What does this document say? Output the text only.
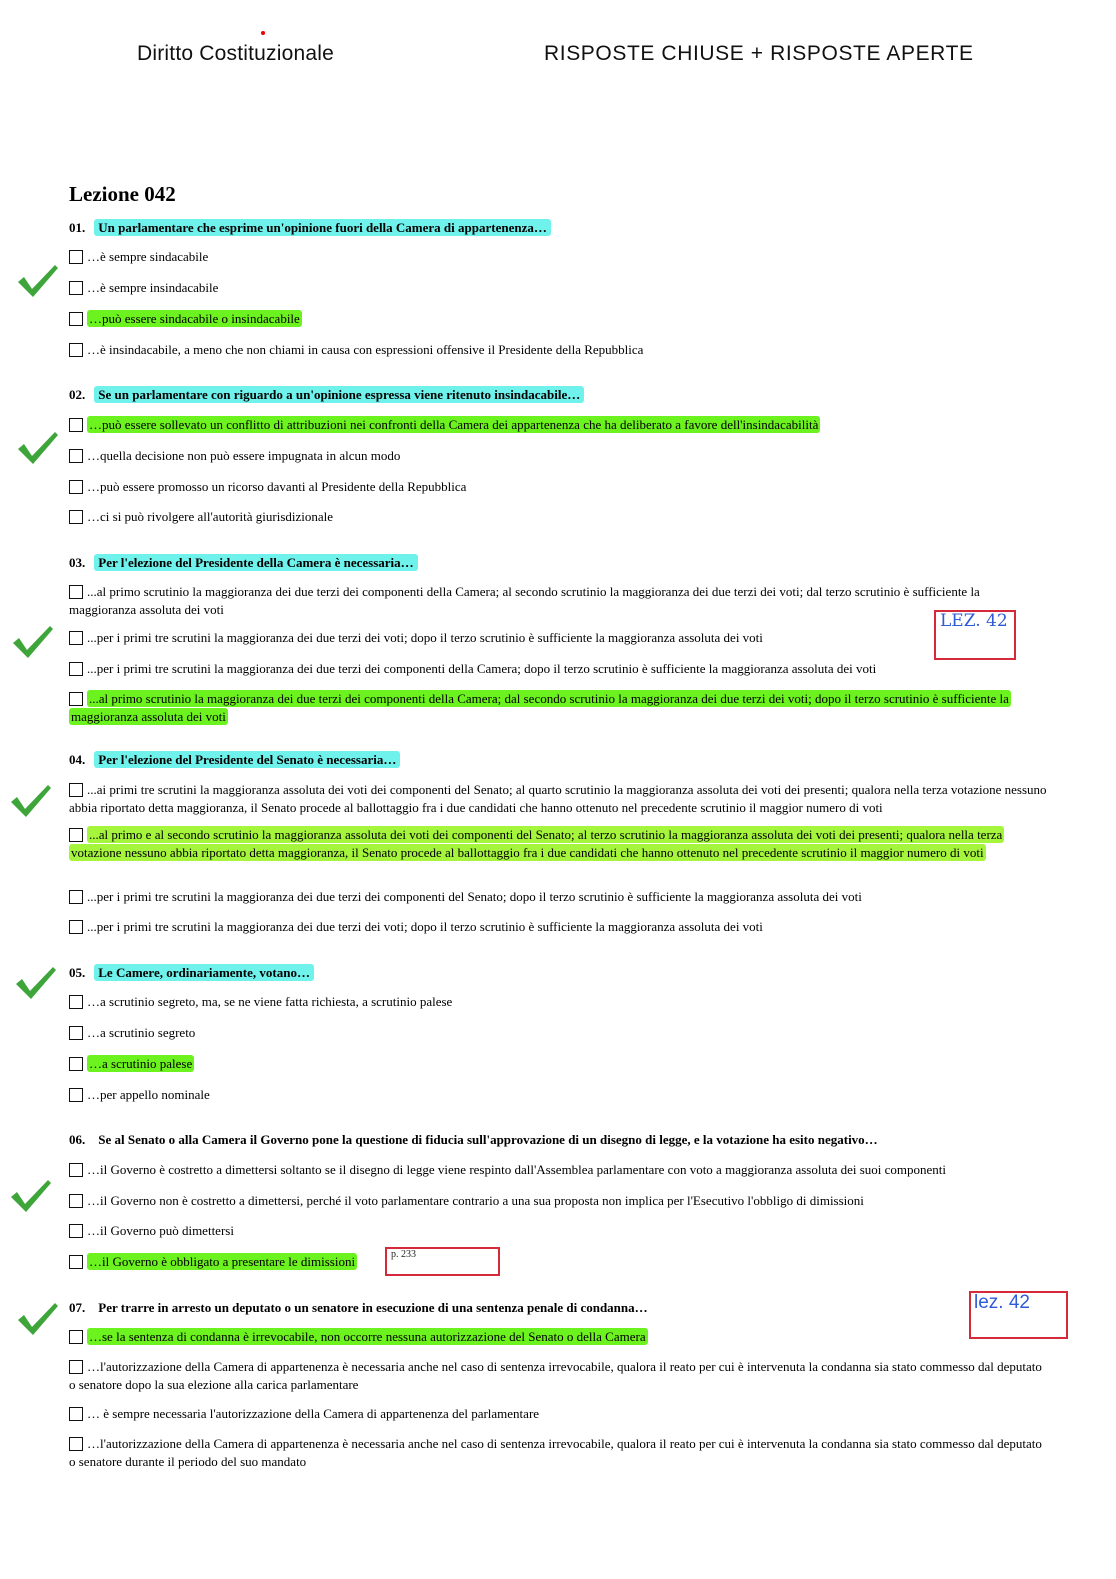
Diritto Costituzionale	RISPOSTE CHIUSE + RISPOSTE APERTE
Lezione 042
01. Un parlamentare che esprime un'opinione fuori della Camera di appartenenza…
…è sempre sindacabile
…è sempre insindacabile
…può essere sindacabile o insindacabile
…è insindacabile, a meno che non chiami in causa con espressioni offensive il Presidente della Repubblica
02. Se un parlamentare con riguardo a un'opinione espressa viene ritenuto insindacabile…
…può essere sollevato un conflitto di attribuzioni nei confronti della Camera dei appartenenza che ha deliberato a favore dell'insindacabilità
…quella decisione non può essere impugnata in alcun modo
…può essere promosso un ricorso davanti al Presidente della Repubblica
…ci si può rivolgere all'autorità giurisdizionale
03. Per l'elezione del Presidente della Camera è necessaria…
...al primo scrutinio la maggioranza dei due terzi dei componenti della Camera; al secondo scrutinio la maggioranza dei due terzi dei voti; dal terzo scrutinio è sufficiente la maggioranza assoluta dei voti
...per i primi tre scrutini la maggioranza dei due terzi dei voti; dopo il terzo scrutinio è sufficiente la maggioranza assoluta dei voti
...per i primi tre scrutini la maggioranza dei due terzi dei componenti della Camera; dopo il terzo scrutinio è sufficiente la maggioranza assoluta dei voti
...al primo scrutinio la maggioranza dei due terzi dei componenti della Camera; dal secondo scrutinio la maggioranza dei due terzi dei voti; dopo il terzo scrutinio è sufficiente la maggioranza assoluta dei voti
04. Per l'elezione del Presidente del Senato è necessaria…
...ai primi tre scrutini la maggioranza assoluta dei voti dei componenti del Senato; al quarto scrutinio la maggioranza assoluta dei voti dei presenti; qualora nella terza votazione nessuno abbia riportato detta maggioranza, il Senato procede al ballottaggio fra i due candidati che hanno ottenuto nel precedente scrutinio il maggior numero di voti
...al primo e al secondo scrutinio la maggioranza assoluta dei voti dei componenti del Senato; al terzo scrutinio la maggioranza assoluta dei voti dei presenti; qualora nella terza votazione nessuno abbia riportato detta maggioranza, il Senato procede al ballottaggio fra i due candidati che hanno ottenuto nel precedente scrutinio il maggior numero di voti
...per i primi tre scrutini la maggioranza dei due terzi dei componenti del Senato; dopo il terzo scrutinio è sufficiente la maggioranza assoluta dei voti
...per i primi tre scrutini la maggioranza dei due terzi dei voti; dopo il terzo scrutinio è sufficiente la maggioranza assoluta dei voti
05. Le Camere, ordinariamente, votano…
…a scrutinio segreto, ma, se ne viene fatta richiesta, a scrutinio palese
…a scrutinio segreto
…a scrutinio palese
…per appello nominale
06. Se al Senato o alla Camera il Governo pone la questione di fiducia sull'approvazione di un disegno di legge, e la votazione ha esito negativo…
…il Governo è costretto a dimettersi soltanto se il disegno di legge viene respinto dall'Assemblea parlamentare con voto a maggioranza assoluta dei suoi componenti
…il Governo non è costretto a dimettersi, perché il voto parlamentare contrario a una sua proposta non implica per l'Esecutivo l'obbligo di dimissioni
…il Governo può dimettersi
…il Governo è obbligato a presentare le dimissioni
07. Per trarre in arresto un deputato o un senatore in esecuzione di una sentenza penale di condanna…
…se la sentenza di condanna è irrevocabile, non occorre nessuna autorizzazione del Senato o della Camera
…l'autorizzazione della Camera di appartenenza è necessaria anche nel caso di sentenza irrevocabile, qualora il reato per cui è intervenuta la condanna sia stato commesso dal deputato o senatore dopo la sua elezione alla carica parlamentare
… è sempre necessaria l'autorizzazione della Camera di appartenenza del parlamentare
…l'autorizzazione della Camera di appartenenza è necessaria anche nel caso di sentenza irrevocabile, qualora il reato per cui è intervenuta la condanna sia stato commesso dal deputato o senatore durante il periodo del suo mandato
LEZ. 42
p. 233
lez. 42
